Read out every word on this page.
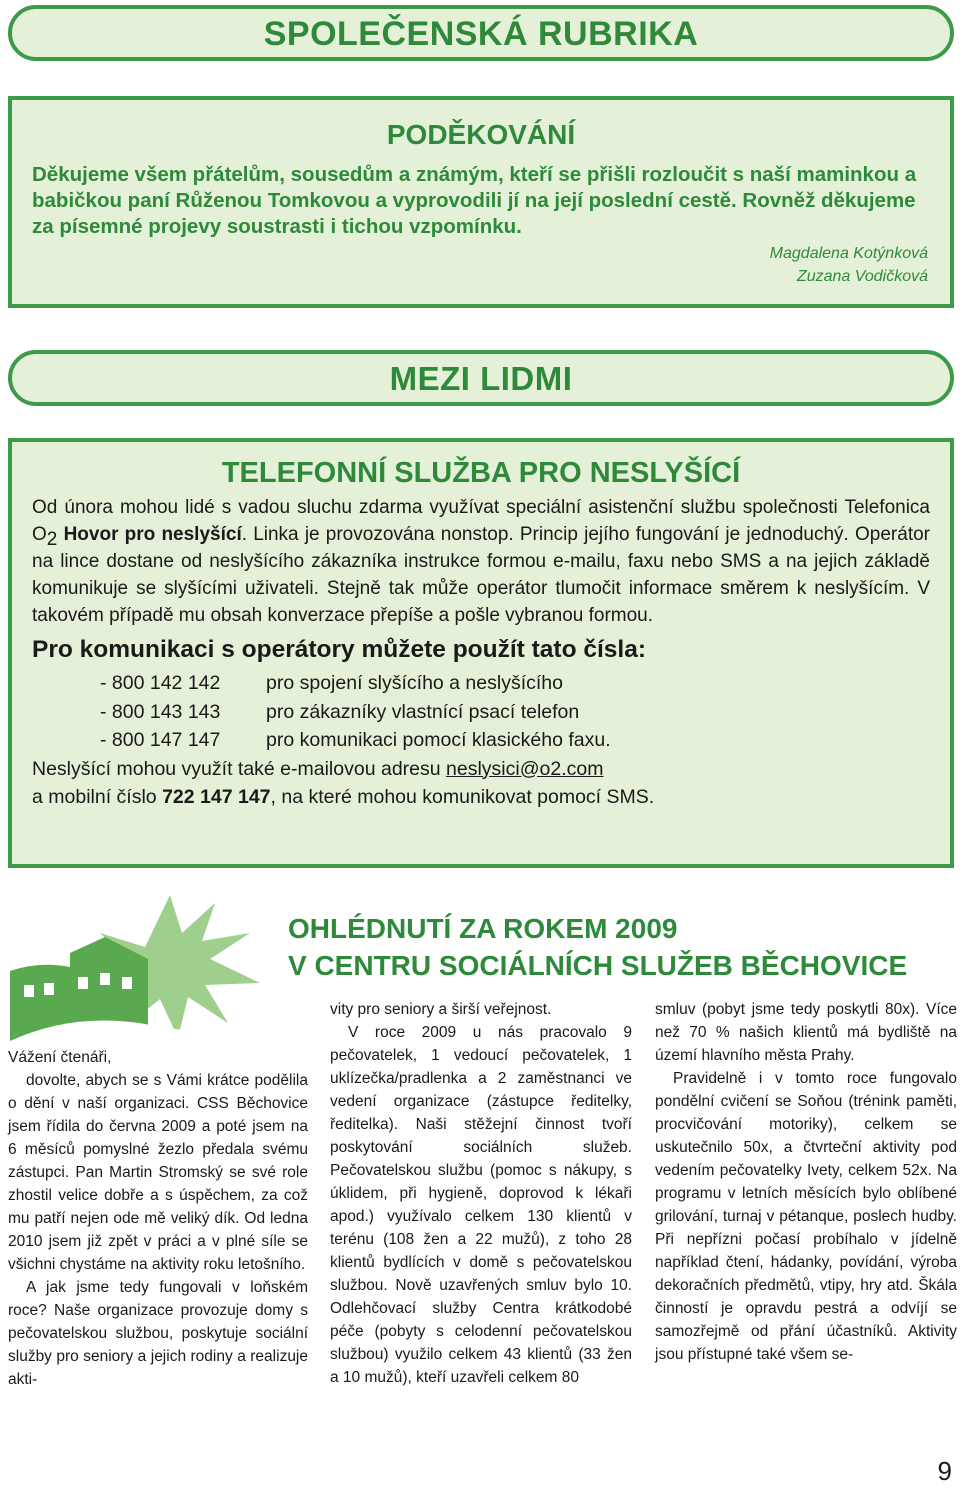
SPOLEČENSKÁ RUBRIKA
PODĚKOVÁNÍ

Děkujeme všem přátelům, sousedům a známým, kteří se přišli rozloučit s naší maminkou a babičkou paní Růženou Tomkovou a vyprovodili jí na její poslední cestě. Rovněž děkujeme za písemné projevy soustrasti i tichou vzpomínku.

Magdalena Kotýnková
Zuzana Vodičková
MEZI LIDMI
TELEFONNÍ SLUŽBA PRO NESLYŠÍCÍ

Od února mohou lidé s vadou sluchu zdarma využívat speciální asistenční službu společnosti Telefonica $O_2$ Hovor pro neslyšící. Linka je provozována nonstop. Princip jejího fungování je jednoduchý. Operátor na lince dostane od neslyšícího zákazníka instrukce formou e-mailu, faxu nebo SMS a na jejich základě komunikuje se slyšícími uživateli. Stejně tak může operátor tlumočit informace směrem k neslyšícím. V takovém případě mu obsah konverzace přepíše a pošle vybranou formou.

Pro komunikaci s operátory můžete použít tato čísla:
- 800 142 142	pro spojení slyšícího a neslyšícího
- 800 143 143	pro zákazníky vlastnící psací telefon
- 800 147 147	pro komunikaci pomocí klasického faxu.

Neslyšící mohou využít také e-mailovou adresu neslysici@o2.com

a mobilní číslo 722 147 147, na které mohou komunikovat pomocí SMS.

OHLÉDNUTÍ ZA ROKEM 2009
V CENTRU SOCIÁLNÍCH SLUŽEB BĚCHOVICE

Vážení čtenáři,

dovolte, abych se s Vámi krátce podělila o dění v naší organizaci. CSS Běchovice jsem řídila do června 2009 a poté jsem na 6 měsíců pomyslné žezlo předala svému zástupci. Pan Martin Stromský se své role zhostil velice dobře a s úspěchem, za což mu patří nejen ode mě veliký dík. Od ledna 2010 jsem již zpět v práci a v plné síle se všichni chystáme na aktivity roku letošního.

A jak jsme tedy fungovali v loňském roce? Naše organizace provozuje domy s pečovatelskou službou, poskytuje sociální služby pro seniory a jejich rodiny a realizuje akti-

vity pro seniory a širší veřejnost.

V roce 2009 u nás pracovalo 9 pečovatelek, 1 vedoucí pečovatelek, 1 uklízečka/pradlenka a 2 zaměstnanci ve vedení organizace (zástupce ředitelky, ředitelka). Naši stěžejní činnost tvoří poskytování sociálních služeb. Pečovatelskou službu (pomoc s nákupy, s úklidem, při hygieně, doprovod k lékaři apod.) využívalo celkem 130 klientů v terénu (108 žen a 22 mužů), z toho 28 klientů bydlících v domě s pečovatelskou službou. Nově uzavřených smluv bylo 10. Odlehčovací služby Centra krátkodobé péče (pobyty s celodenní pečovatelskou službou) využilo celkem 43 klientů (33 žen a 10 mužů), kteří uzavřeli celkem 80

smluv (pobyt jsme tedy poskytli 80x). Více než 70 % našich klientů má bydliště na území hlavního města Prahy.

Pravidelně i v tomto roce fungovalo pondělní cvičení se Soňou (trénink paměti, procvičování motoriky), celkem se uskutečnilo 50x, a čtvrteční aktivity pod vedením pečovatelky Ivety, celkem 52x. Na programu v letních měsících bylo oblíbené grilování, turnaj v pétanque, poslech hudby. Při nepřízni počasí probíhalo v jídelně například čtení, hádanky, povídání, výroba dekoračních předmětů, vtipy, hry atd. Škála činností je opravdu pestrá a odvíjí se samozřejmě od přání účastníků. Aktivity jsou přístupné také všem se-

9
